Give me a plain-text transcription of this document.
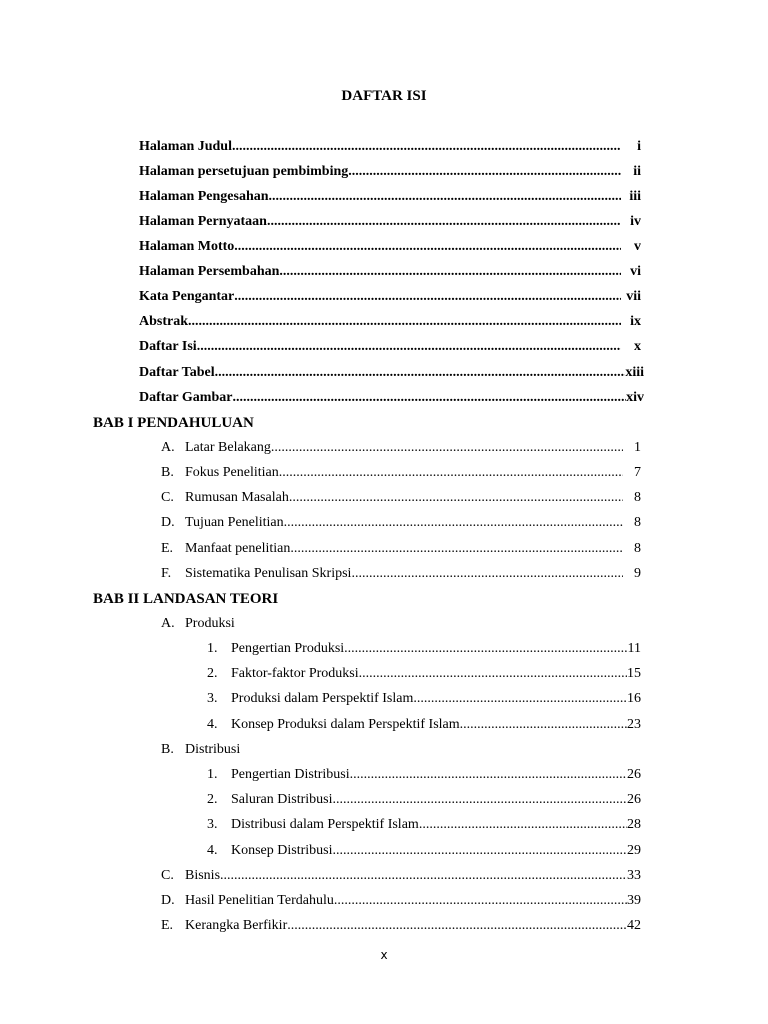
DAFTAR ISI
Halaman Judul .....	i
Halaman persetujuan pembimbing .....	ii
Halaman Pengesahan .....	iii
Halaman Pernyataan .....	iv
Halaman Motto .....	v
Halaman Persembahan .....	vi
Kata Pengantar .....	vii
Abstrak .....	ix
Daftar Isi .....	x
Daftar Tabel .....	xiii
Daftar Gambar .....	xiv
BAB I PENDAHULUAN
A. Latar Belakang .....	1
B. Fokus Penelitian .....	7
C. Rumusan Masalah .....	8
D. Tujuan Penelitian .....	8
E. Manfaat penelitian .....	8
F. Sistematika Penulisan Skripsi .....	9
BAB II LANDASAN TEORI
A. Produksi
1. Pengertian Produksi .....	11
2. Faktor-faktor Produksi .....	15
3. Produksi dalam Perspektif Islam .....	16
4. Konsep Produksi dalam Perspektif Islam .....	23
B. Distribusi
1. Pengertian Distribusi .....	26
2. Saluran Distribusi .....	26
3. Distribusi dalam Perspektif Islam .....	28
4. Konsep Distribusi .....	29
C. Bisnis .....	33
D. Hasil Penelitian Terdahulu .....	39
E. Kerangka Berfikir .....	42
x
